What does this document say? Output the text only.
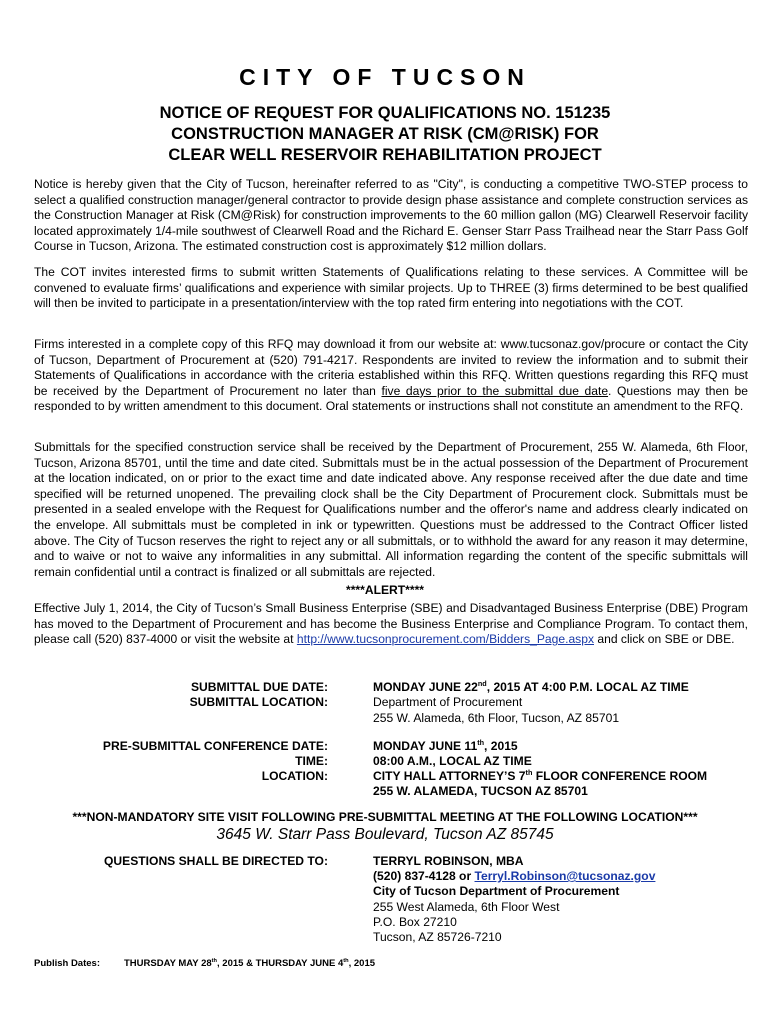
CITY OF TUCSON
NOTICE OF REQUEST FOR QUALIFICATIONS NO. 151235
CONSTRUCTION MANAGER AT RISK (CM@RISK) FOR
CLEAR WELL RESERVOIR REHABILITATION PROJECT

Notice is hereby given that the City of Tucson, hereinafter referred to as "City", is conducting a competitive TWO-STEP process to select a qualified construction manager/general contractor to provide design phase assistance and complete construction services as the Construction Manager at Risk (CM@Risk) for construction improvements to the 60 million gallon (MG) Clearwell Reservoir facility located approximately 1/4-mile southwest of Clearwell Road and the Richard E. Genser Starr Pass Trailhead near the Starr Pass Golf Course in Tucson, Arizona. The estimated construction cost is approximately $12 million dollars.

The COT invites interested firms to submit written Statements of Qualifications relating to these services. A Committee will be convened to evaluate firms’ qualifications and experience with similar projects. Up to THREE (3) firms determined to be best qualified will then be invited to participate in a presentation/interview with the top rated firm entering into negotiations with the COT.

Firms interested in a complete copy of this RFQ may download it from our website at: www.tucsonaz.gov/procure or contact the City of Tucson, Department of Procurement at (520) 791-4217. Respondents are invited to review the information and to submit their Statements of Qualifications in accordance with the criteria established within this RFQ. Written questions regarding this RFQ must be received by the Department of Procurement no later than five days prior to the submittal due date. Questions may then be responded to by written amendment to this document. Oral statements or instructions shall not constitute an amendment to the RFQ.

Submittals for the specified construction service shall be received by the Department of Procurement, 255 W. Alameda, 6th Floor, Tucson, Arizona 85701, until the time and date cited. Submittals must be in the actual possession of the Department of Procurement at the location indicated, on or prior to the exact time and date indicated above. Any response received after the due date and time specified will be returned unopened. The prevailing clock shall be the City Department of Procurement clock. Submittals must be presented in a sealed envelope with the Request for Qualifications number and the offeror's name and address clearly indicated on the envelope. All submittals must be completed in ink or typewritten. Questions must be addressed to the Contract Officer listed above. The City of Tucson reserves the right to reject any or all submittals, or to withhold the award for any reason it may determine, and to waive or not to waive any informalities in any submittal. All information regarding the content of the specific submittals will remain confidential until a contract is finalized or all submittals are rejected.

****ALERT****

Effective July 1, 2014, the City of Tucson’s Small Business Enterprise (SBE) and Disadvantaged Business Enterprise (DBE) Program has moved to the Department of Procurement and has become the Business Enterprise and Compliance Program. To contact them, please call (520) 837-4000 or visit the website at http://www.tucsonprocurement.com/Bidders_Page.aspx and click on SBE or DBE.

SUBMITTAL DUE DATE:	MONDAY JUNE 22nd, 2015 AT 4:00 P.M. LOCAL AZ TIME
SUBMITTAL LOCATION:	Department of Procurement
255 W. Alameda, 6th Floor, Tucson, AZ 85701
PRE-SUBMITTAL CONFERENCE DATE:	MONDAY JUNE 11th, 2015
TIME:	08:00 A.M., LOCAL AZ TIME
LOCATION:	CITY HALL ATTORNEY’S 7th FLOOR CONFERENCE ROOM
255 W. ALAMEDA, TUCSON AZ 85701
***NON-MANDATORY SITE VISIT FOLLOWING PRE-SUBMITTAL MEETING AT THE FOLLOWING LOCATION***
3645 W. Starr Pass Boulevard, Tucson AZ 85745
QUESTIONS SHALL BE DIRECTED TO:	TERRYL ROBINSON, MBA
(520) 837-4128 or Terryl.Robinson@tucsonaz.gov
City of Tucson Department of Procurement
255 West Alameda, 6th Floor West
P.O. Box 27210
Tucson, AZ 85726-7210
Publish Dates:	THURSDAY MAY 28th, 2015 & THURSDAY JUNE 4th, 2015
